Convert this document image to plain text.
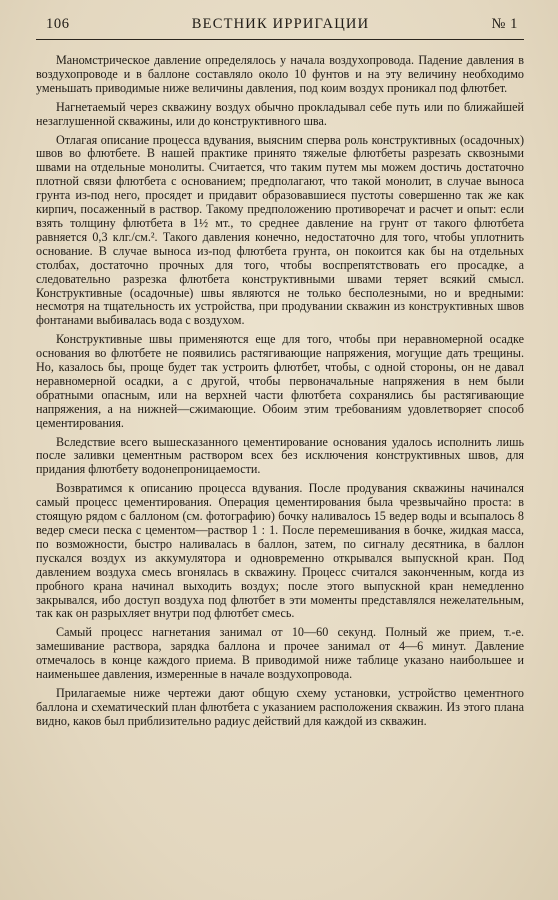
106	ВЕСТНИК ИРРИГАЦИИ	№ 1

Маномстрическое давление определялось у начала воздухопровода. Падение давления в воздухопроводе и в баллоне составляло около 10 фунтов и на эту величину необходимо уменьшать приводимые ниже величины давления, под коим воздух проникал под флютбет.

Нагнетаемый через скважину воздух обычно прокладывал себе путь или по ближайшей незаглушенной скважины, или до конструктивного шва.

Отлагая описание процесса вдувания, выясним сперва роль конструктивных (осадочных) швов во флютбете. В нашей практике принято тяжелые флютбеты разрезать сквозными швами на отдельные монолиты. Считается, что таким путем мы можем достичь достаточно плотной связи флютбета с основанием; предполагают, что такой монолит, в случае выноса грунта из-под него, просядет и придавит образовавшиеся пустоты совершенно так же как кирпич, посаженный в раствор. Такому предположению противоречат и расчет и опыт: если взять толщину флютбета в 1½ мт., то среднее давление на грунт от такого флютбета равняется 0,3 клг./см.². Такого давления конечно, недостаточно для того, чтобы уплотнить основание. В случае выноса из-под флютбета грунта, он покоится как бы на отдельных столбах, достаточно прочных для того, чтобы воспрепятствовать его просадке, а следовательно разрезка флютбета конструктивными швами теряет всякий смысл. Конструктивные (осадочные) швы являются не только бесполезными, но и вредными: несмотря на тщательность их устройства, при продувании скважин из конструктивных швов фонтанами выбивалась вода с воздухом.

Конструктивные швы применяются еще для того, чтобы при неравномерной осадке основания во флютбете не появились растягивающие напряжения, могущие дать трещины. Но, казалось бы, проще будет так устроить флютбет, чтобы, с одной стороны, он не давал неравномерной осадки, а с другой, чтобы первоначальные напряжения в нем были обратными опасным, или на верхней части флютбета сохранялись бы растягивающие напряжения, а на нижней—сжимающие. Обоим этим требованиям удовлетворяет способ цементирования.

Вследствие всего вышесказанного цементирование основания удалось исполнить лишь после заливки цементным раствором всех без исключения конструктивных швов, для придания флютбету водонепроницаемости.

Возвратимся к описанию процесса вдувания. После продувания скважины начинался самый процесс цементирования. Операция цементирования была чрезвычайно проста: в стоящую рядом с баллоном (см. фотографию) бочку наливалось 15 ведер воды и всыпалось 8 ведер смеси песка с цементом—раствор 1 : 1. После перемешивания в бочке, жидкая масса, по возможности, быстро наливалась в баллон, затем, по сигналу десятника, в баллон пускался воздух из аккумулятора и одновременно открывался выпускной кран. Под давлением воздуха смесь вгонялась в скважину. Процесс считался законченным, когда из пробного крана начинал выходить воздух; после этого выпускной кран немедленно закрывался, ибо доступ воздуха под флютбет в эти моменты представлялся нежелательным, так как он разрыхляет внутри под флютбет смесь.

Самый процесс нагнетания занимал от 10—60 секунд. Полный же прием, т.-е. замешивание раствора, зарядка баллона и прочее занимал от 4—6 минут. Давление отмечалось в конце каждого приема. В приводимой ниже таблице указано наибольшее и наименьшее давления, измеренные в начале воздухопровода.

Прилагаемые ниже чертежи дают общую схему установки, устройство цементного баллона и схематический план флютбета с указанием расположения скважин. Из этого плана видно, каков был приблизительно радиус действий для каждой из скважин.
